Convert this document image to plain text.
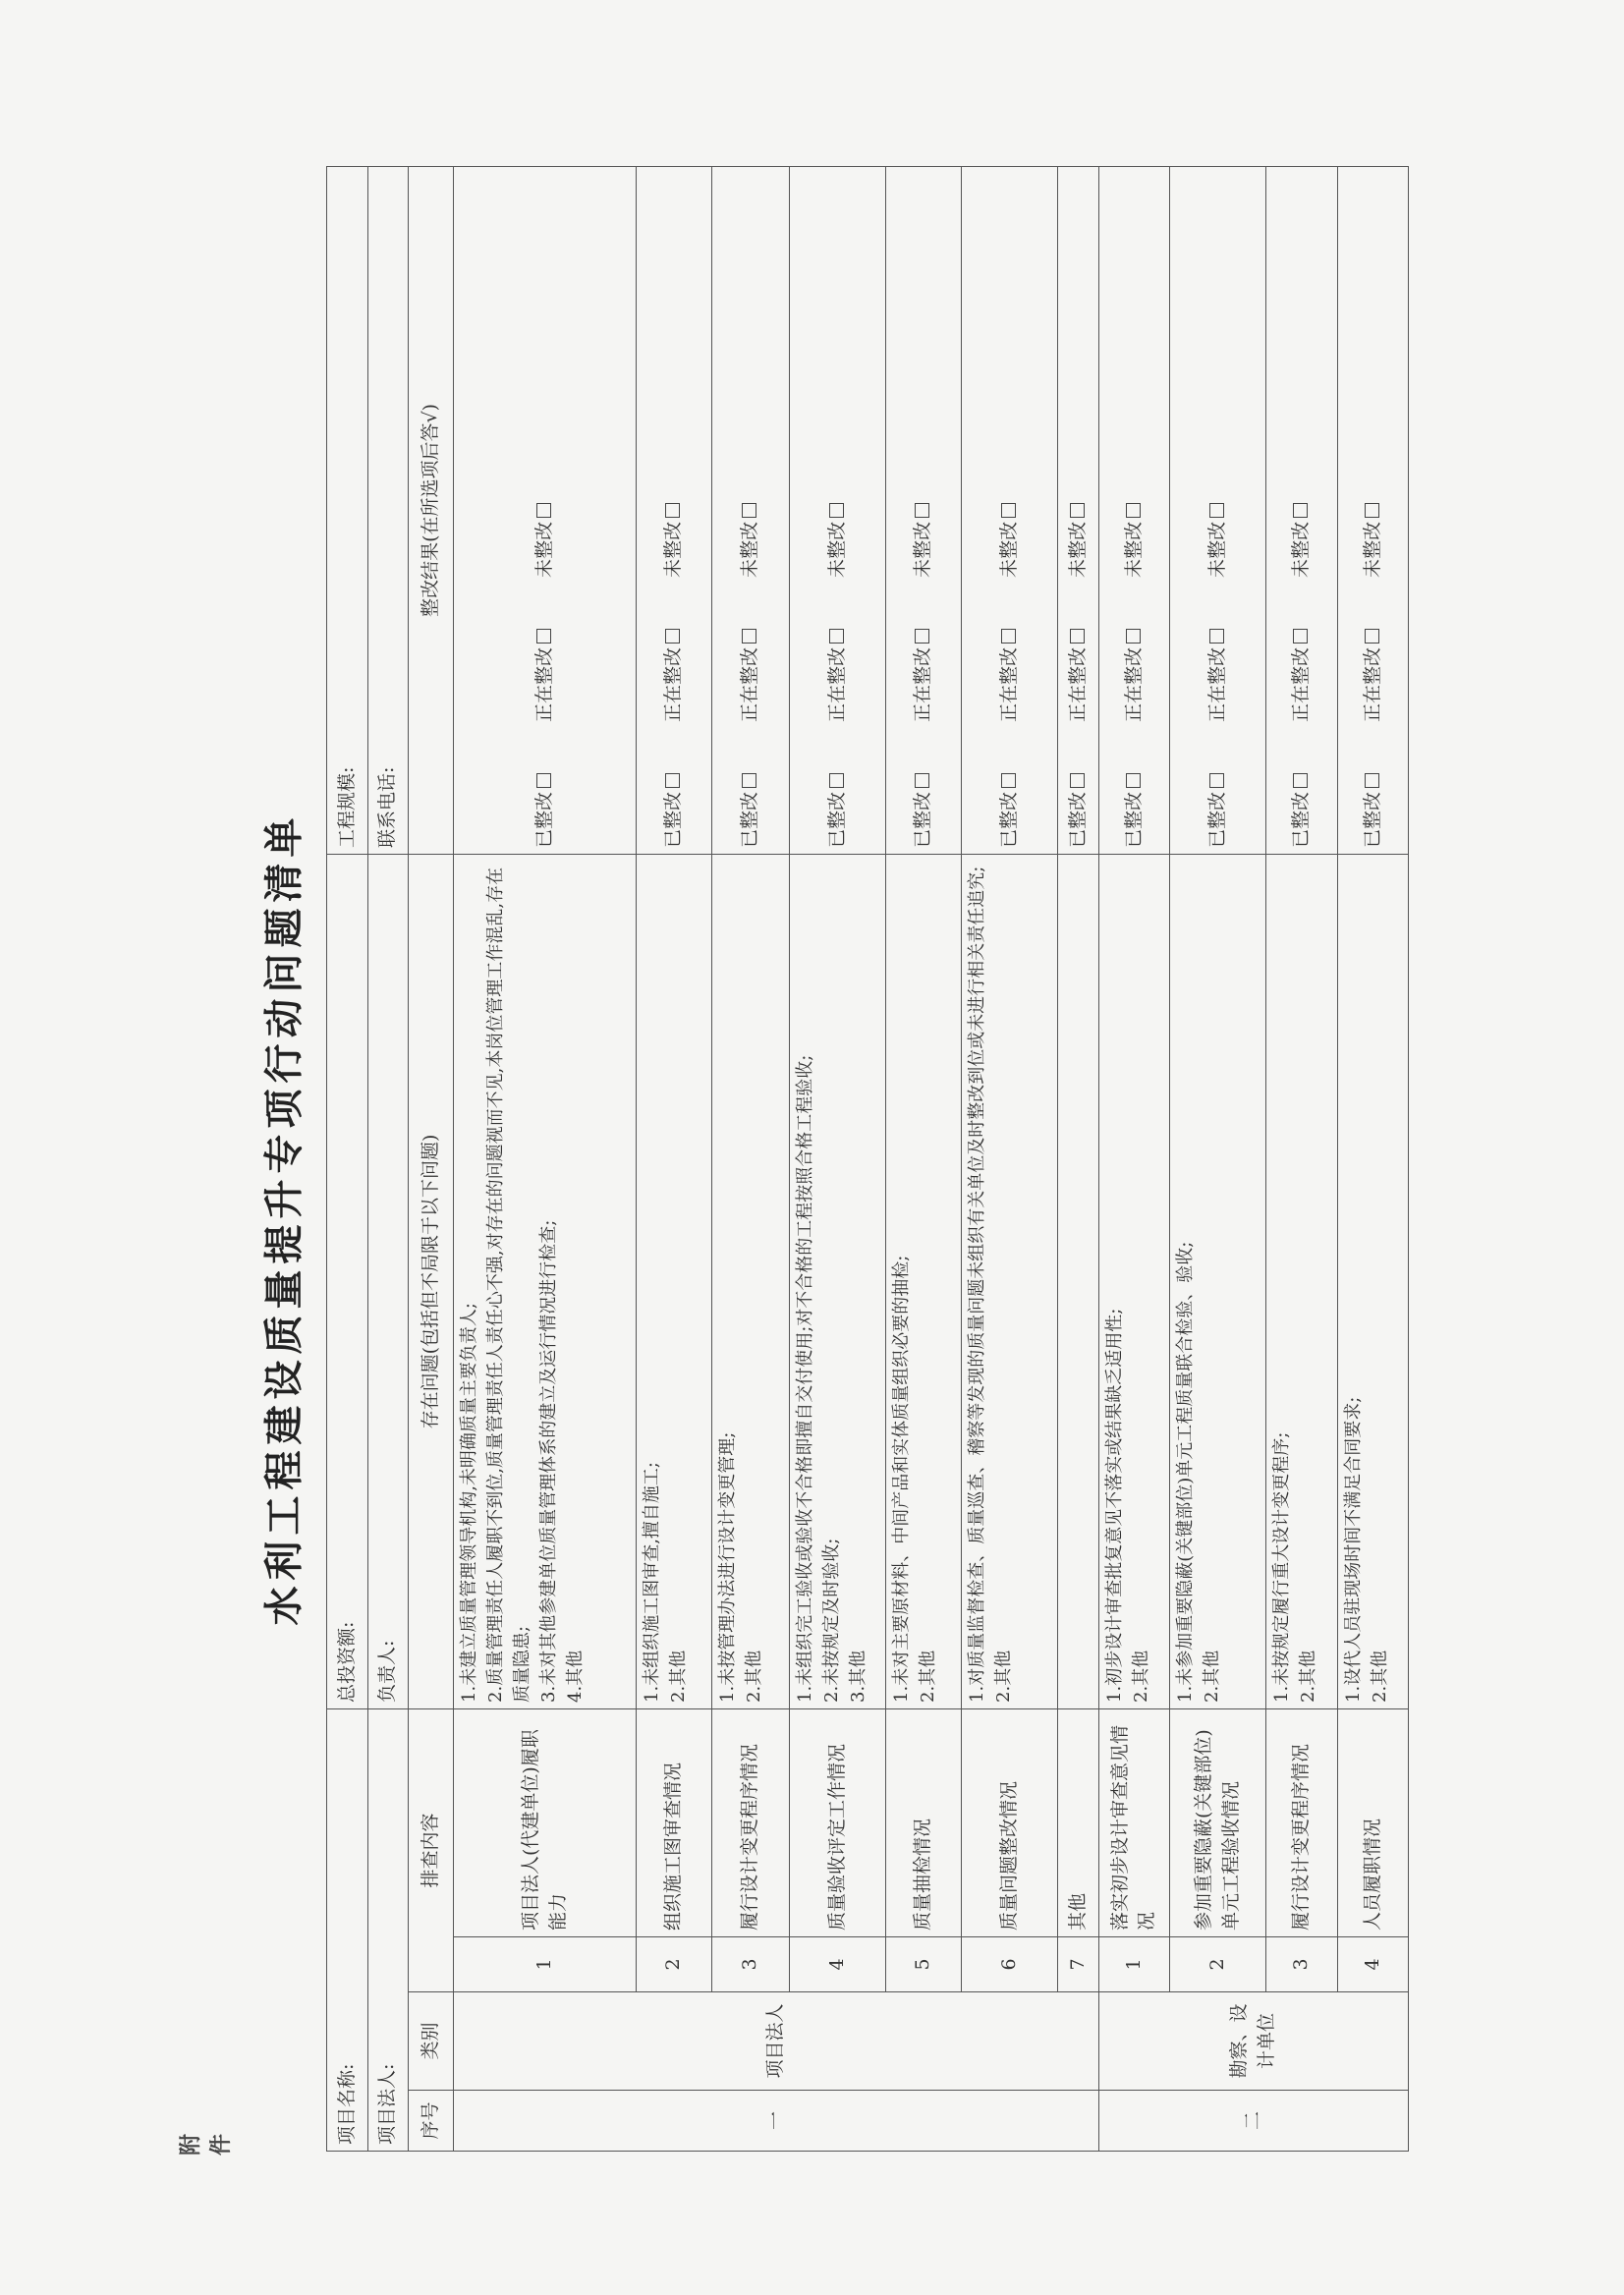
附件
水利工程建设质量提升专项行动问题清单
项目名称:				总投资额:	工程规模:
项目法人:				负责人:	联系电话:
序号	类别	排查内容		存在问题(包括但不局限于以下问题)	整改结果(在所选项后答√)
一	项目法人	1	项目法人(代建单位)履职能力	1.未建立质量管理领导机构,未明确质量主要负责人;
2.质量管理责任人履职不到位,质量管理责任人责任心不强,对存在的问题视而不见,本岗位管理工作混乱,存在质量隐患;
3.未对其他参建单位质量管理体系的建立及运行情况进行检查;
4.其他	已整改正在整改未整改
		2	组织施工图审查情况	1.未组织施工图审查,擅自施工;
2.其他	已整改正在整改未整改
		3	履行设计变更程序情况	1.未按管理办法进行设计变更管理;
2.其他	已整改正在整改未整改
		4	质量验收评定工作情况	1.未组织完工验收或验收不合格即擅自交付使用;对不合格的工程按照合格工程验收;
2.未按规定及时验收;
3.其他	已整改正在整改未整改
		5	质量抽检情况	1.未对主要原材料、中间产品和实体质量组织必要的抽检;
2.其他	已整改正在整改未整改
		6	质量问题整改情况	1.对质量监督检查、质量巡查、稽察等发现的质量问题未组织有关单位及时整改到位或未进行相关责任追究;
2.其他	已整改正在整改未整改
		7	其他		已整改正在整改未整改
二	勘察、设计单位	1	落实初步设计审查意见情况	1.初步设计审查批复意见不落实或结果缺乏适用性;
2.其他	已整改正在整改未整改
		2	参加重要隐蔽(关键部位)单元工程验收情况	1.未参加重要隐蔽(关键部位)单元工程质量联合检验、验收;
2.其他	已整改正在整改未整改
		3	履行设计变更程序情况	1.未按规定履行重大设计变更程序;
2.其他	已整改正在整改未整改
		4	人员履职情况	1.设代人员驻现场时间不满足合同要求;
2.其他	已整改正在整改未整改
